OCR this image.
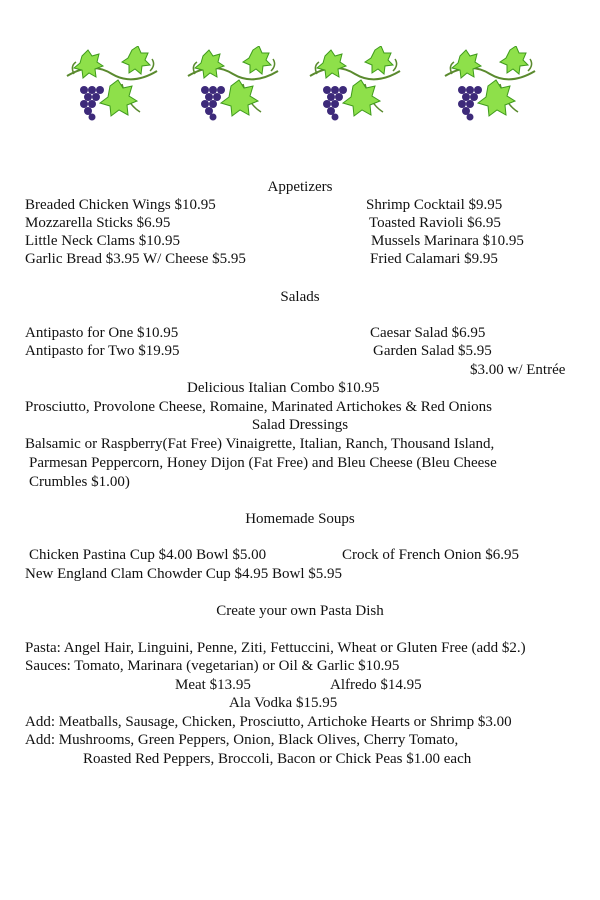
Appetizers
Breaded Chicken Wings $10.95
Mozzarella Sticks $6.95
Little Neck Clams $10.95
Garlic Bread $3.95 W/ Cheese $5.95
Shrimp Cocktail $9.95
Toasted Ravioli $6.95
Mussels Marinara $10.95
Fried Calamari $9.95
Salads
Antipasto for One $10.95
Antipasto for Two $19.95
Caesar Salad $6.95
Garden Salad $5.95
$3.00 w/ Entrée
Delicious Italian Combo $10.95
Prosciutto, Provolone Cheese, Romaine, Marinated Artichokes & Red Onions
Salad Dressings
Balsamic or Raspberry(Fat Free) Vinaigrette, Italian, Ranch, Thousand Island,
Parmesan Peppercorn, Honey Dijon (Fat Free) and Bleu Cheese (Bleu Cheese
Crumbles $1.00)
Homemade Soups
Chicken Pastina Cup $4.00 Bowl $5.00	Crock of French Onion $6.95
New England Clam Chowder Cup $4.95 Bowl $5.95
Create your own Pasta Dish
Pasta: Angel Hair, Linguini, Penne, Ziti, Fettuccini, Wheat or Gluten Free (add $2.)
Sauces: Tomato, Marinara (vegetarian) or Oil & Garlic $10.95
Meat $13.95	Alfredo $14.95
Ala Vodka $15.95
Add: Meatballs, Sausage, Chicken, Prosciutto, Artichoke Hearts or Shrimp $3.00
Add: Mushrooms, Green Peppers, Onion, Black Olives, Cherry Tomato,
Roasted Red Peppers, Broccoli, Bacon or Chick Peas $1.00 each
